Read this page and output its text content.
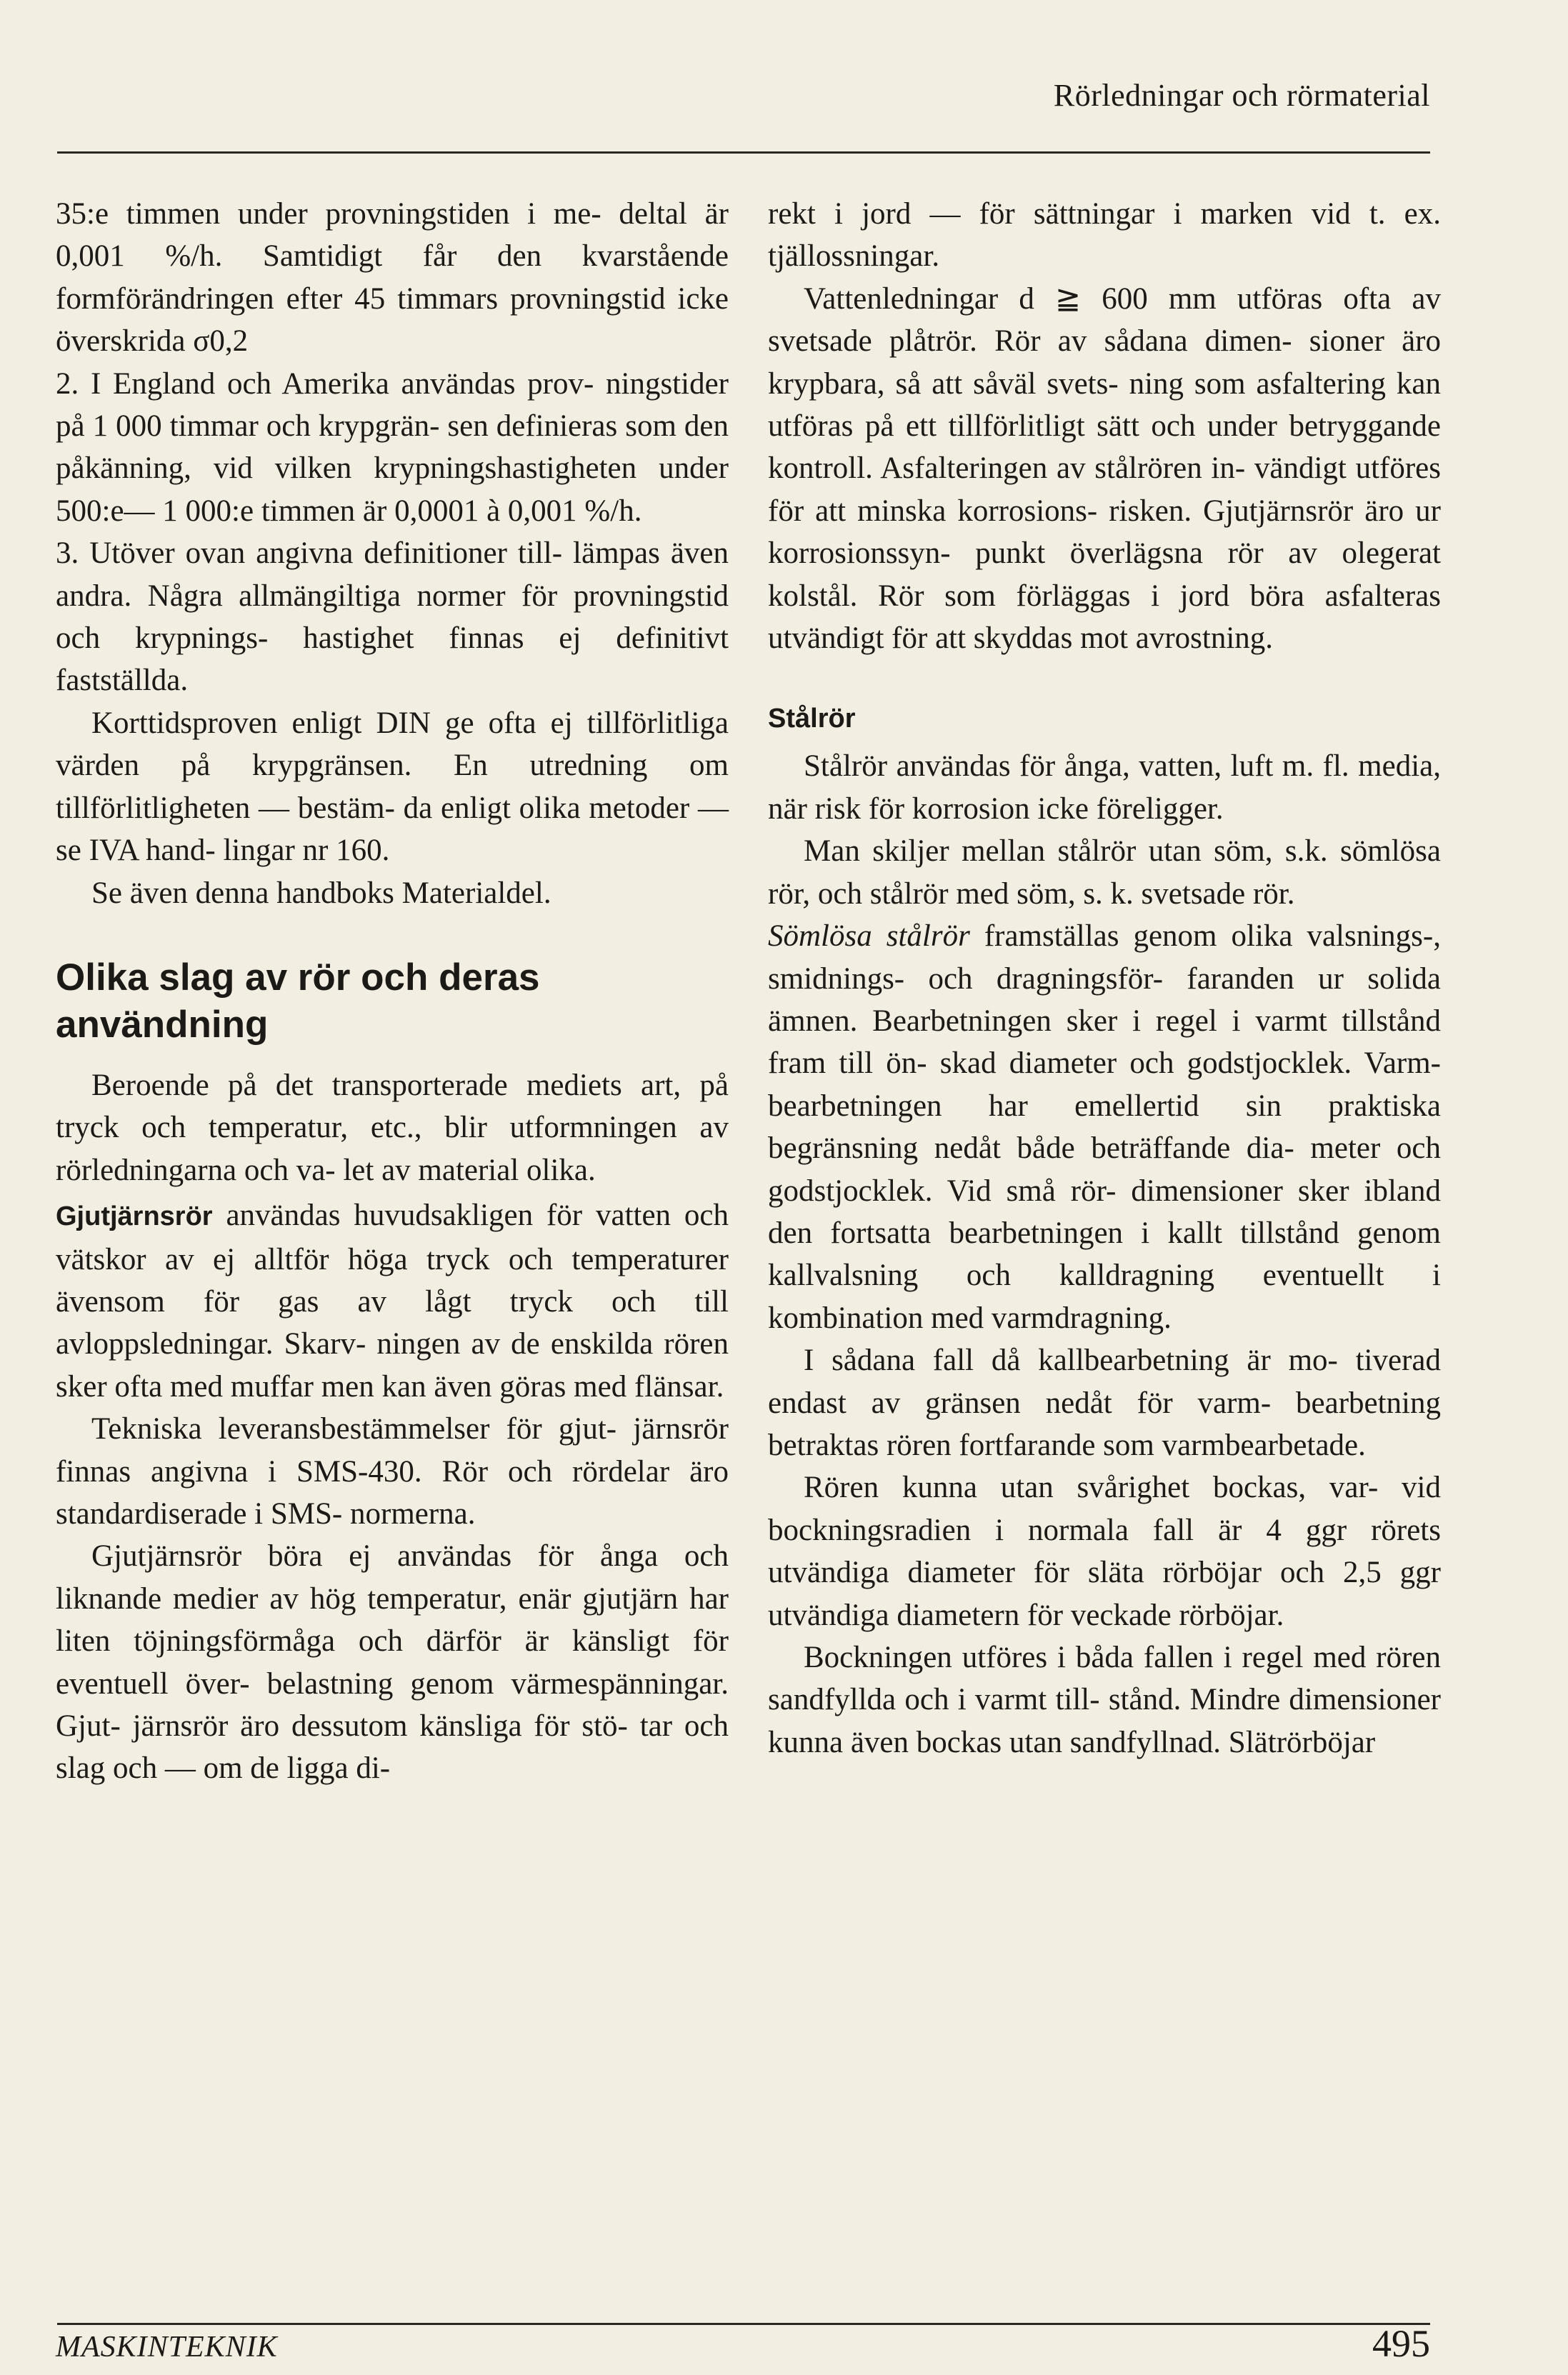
Rörledningar och rörmaterial

35:e timmen under provningstiden i me- deltal är 0,001 %/h. Samtidigt får den kvarstående formförändringen efter 45 timmars provningstid icke överskrida σ0,2

2. I England och Amerika användas prov- ningstider på 1 000 timmar och krypgrän- sen definieras som den påkänning, vid vilken krypningshastigheten under 500:e— 1 000:e timmen är 0,0001 à 0,001 %/h.

3. Utöver ovan angivna definitioner till- lämpas även andra. Några allmängiltiga normer för provningstid och krypnings- hastighet finnas ej definitivt fastställda.

Korttidsproven enligt DIN ge ofta ej tillförlitliga värden på krypgränsen. En utredning om tillförlitligheten — bestäm- da enligt olika metoder — se IVA hand- lingar nr 160.

Se även denna handboks Materialdel.

Olika slag av rör och deras användning

Beroende på det transporterade mediets art, på tryck och temperatur, etc., blir utformningen av rörledningarna och va- let av material olika.

Gjutjärnsrör användas huvudsakligen för vatten och vätskor av ej alltför höga tryck och temperaturer ävensom för gas av lågt tryck och till avloppsledningar. Skarv- ningen av de enskilda rören sker ofta med muffar men kan även göras med flänsar.

Tekniska leveransbestämmelser för gjut- järnsrör finnas angivna i SMS-430. Rör och rördelar äro standardiserade i SMS- normerna.

Gjutjärnsrör böra ej användas för ånga och liknande medier av hög temperatur, enär gjutjärn har liten töjningsförmåga och därför är känsligt för eventuell över- belastning genom värmespänningar. Gjut- järnsrör äro dessutom känsliga för stö- tar och slag och — om de ligga di-

rekt i jord — för sättningar i marken vid t. ex. tjällossningar.

Vattenledningar d ≧ 600 mm utföras ofta av svetsade plåtrör. Rör av sådana dimen- sioner äro krypbara, så att såväl svets- ning som asfaltering kan utföras på ett tillförlitligt sätt och under betryggande kontroll. Asfalteringen av stålrören in- vändigt utföres för att minska korrosions- risken. Gjutjärnsrör äro ur korrosionssyn- punkt överlägsna rör av olegerat kolstål. Rör som förläggas i jord böra asfalteras utvändigt för att skyddas mot avrostning.

Stålrör

Stålrör användas för ånga, vatten, luft m. fl. media, när risk för korrosion icke föreligger.

Man skiljer mellan stålrör utan söm, s.k. sömlösa rör, och stålrör med söm, s. k. svetsade rör.

Sömlösa stålrör framställas genom olika valsnings-, smidnings- och dragningsför- faranden ur solida ämnen. Bearbetningen sker i regel i varmt tillstånd fram till ön- skad diameter och godstjocklek. Varm- bearbetningen har emellertid sin praktiska begränsning nedåt både beträffande dia- meter och godstjocklek. Vid små rör- dimensioner sker ibland den fortsatta bearbetningen i kallt tillstånd genom kallvalsning och kalldragning eventuellt i kombination med varmdragning.

I sådana fall då kallbearbetning är mo- tiverad endast av gränsen nedåt för varm- bearbetning betraktas rören fortfarande som varmbearbetade.

Rören kunna utan svårighet bockas, var- vid bockningsradien i normala fall är 4 ggr rörets utvändiga diameter för släta rörböjar och 2,5 ggr utvändiga diametern för veckade rörböjar.

Bockningen utföres i båda fallen i regel med rören sandfyllda och i varmt till- stånd. Mindre dimensioner kunna även bockas utan sandfyllnad. Slätrörböjar

MASKINTEKNIK	495
